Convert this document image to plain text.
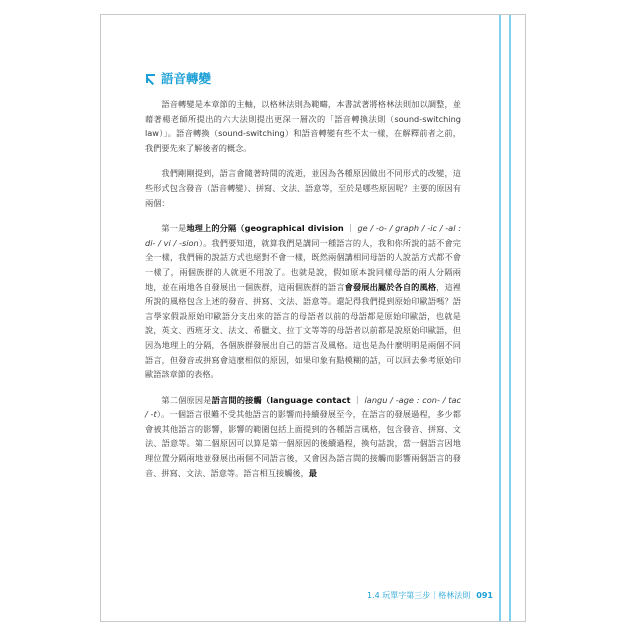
語音轉變

語音轉變是本章節的主軸，以格林法則為範疇，本書試著將格林法則加以調整，並藉著楊老師所提出的六大法則提出更深一層次的「語音轉換法則（sound-switching law）」。語音轉換（sound-switching）和語音轉變有些不太一樣，在解釋前者之前，我們要先來了解後者的概念。

我們剛剛提到，語言會隨著時間的流逝，並因為各種原因做出不同形式的改變，這些形式包含發音（語音轉變）、拼寫、文法、語意等，至於是哪些原因呢？主要的原因有兩個：

第一是地理上的分隔（geographical division ｜ ge / -o- / graph / -ic / -al : di- / vi / -sion）。我們要知道，就算我們是講同一種語言的人，我和你所說的話不會完全一樣，我們倆的說話方式也絕對不會一樣，既然兩個講相同母語的人說話方式都不會一樣了，兩個族群的人就更不用說了。也就是說，假如原本說同樣母語的兩人分隔兩地，並在兩地各自發展出一個族群，這兩個族群的語言會發展出屬於各自的風格，這裡所說的風格包含上述的發音、拼寫、文法、語意等。還記得我們提到原始印歐語嗎？語言學家假設原始印歐語分支出來的語言的母語者以前的母語都是原始印歐語，也就是說，英文、西班牙文、法文、希臘文、拉丁文等等的母語者以前都是說原始印歐語，但因為地理上的分隔，各個族群發展出自己的語言及風格。這也是為什麼明明是兩個不同語言，但發音或拼寫會這麼相似的原因，如果印象有點模糊的話，可以回去參考原始印歐語該章節的表格。

第二個原因是語言間的接觸（language contact ｜ langu / -age : con- / tac / -t）。一個語言很難不受其他語言的影響而持續發展至今，在語言的發展過程，多少都會被其他語言的影響，影響的範圍包括上面提到的各種語言風格，包含發音、拼寫、文法、語意等。第二個原因可以算是第一個原因的後續過程，換句話說，當一個語言因地理位置分隔兩地並發展出兩個不同語言後，又會因為語言間的接觸而影響兩個語言的發音、拼寫、文法、語意等。語言相互接觸後，最

1.4 玩單字第三步｜格林法則 091
